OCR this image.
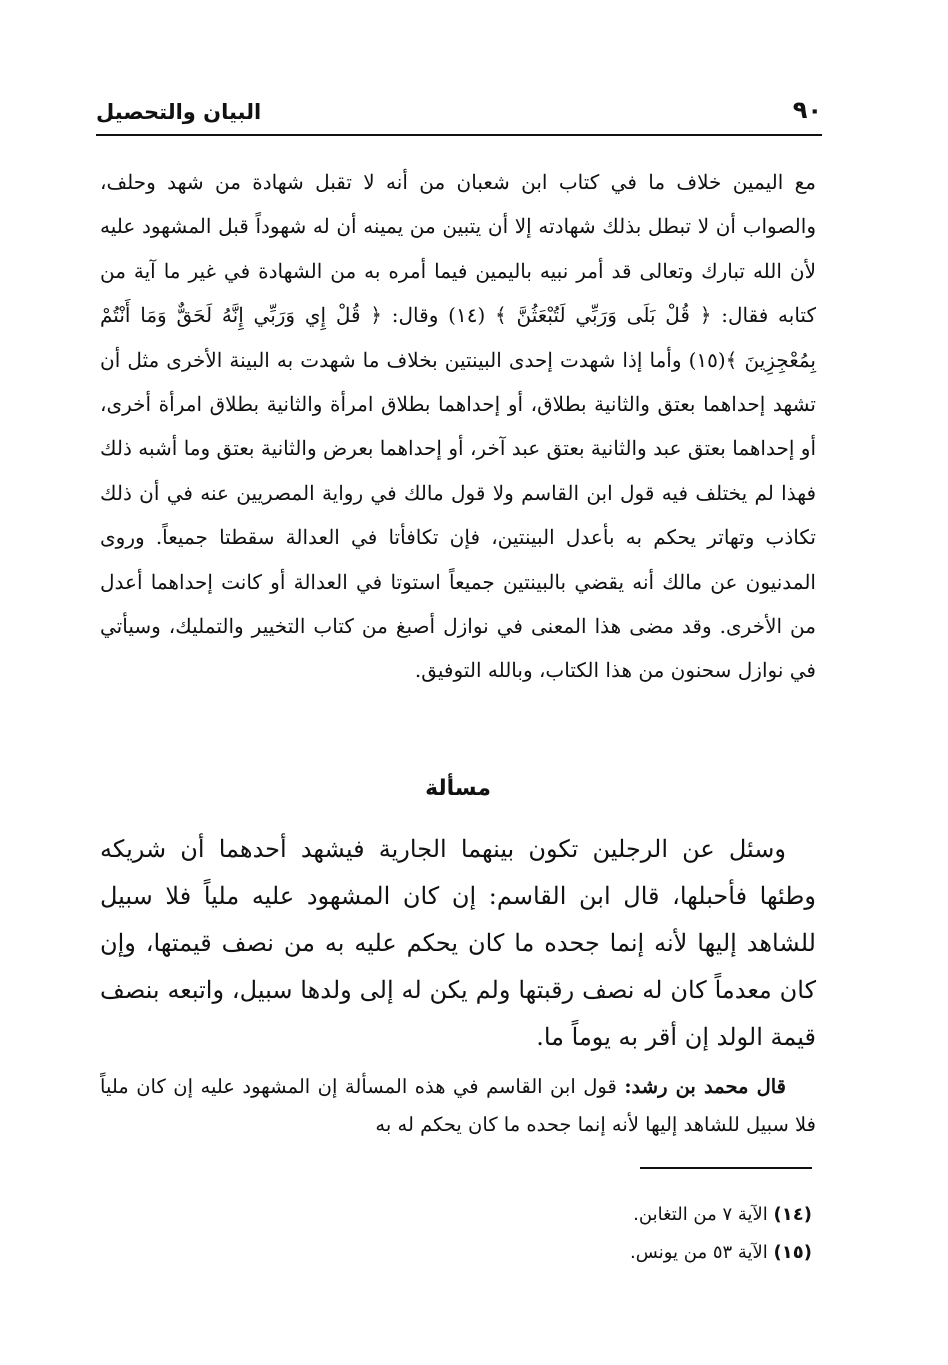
٩٠
البيان والتحصيل

مع اليمين خلاف ما في كتاب ابن شعبان من أنه لا تقبل شهادة من شهد وحلف، والصواب أن لا تبطل بذلك شهادته إلا أن يتبين من يمينه أن له شهوداً قبل المشهود عليه لأن الله تبارك وتعالى قد أمر نبيه باليمين فيما أمره به من الشهادة في غير ما آية من كتابه فقال: ﴿ قُلْ بَلَى وَرَبِّي لَتُبْعَثُنَّ ﴾ (١٤) وقال: ﴿ قُلْ إِي وَرَبِّي إِنَّهُ لَحَقٌّ وَمَا أَنْتُمْ بِمُعْجِزِينَ ﴾(١٥) وأما إذا شهدت إحدى البينتين بخلاف ما شهدت به البينة الأخرى مثل أن تشهد إحداهما بعتق والثانية بطلاق، أو إحداهما بطلاق امرأة والثانية بطلاق امرأة أخرى، أو إحداهما بعتق عبد والثانية بعتق عبد آخر، أو إحداهما بعرض والثانية بعتق وما أشبه ذلك فهذا لم يختلف فيه قول ابن القاسم ولا قول مالك في رواية المصريين عنه في أن ذلك تكاذب وتهاتر يحكم به بأعدل البينتين، فإن تكافأتا في العدالة سقطتا جميعاً. وروى المدنيون عن مالك أنه يقضي بالبينتين جميعاً استوتا في العدالة أو كانت إحداهما أعدل من الأخرى. وقد مضى هذا المعنى في نوازل أصبغ من كتاب التخيير والتمليك، وسيأتي في نوازل سحنون من هذا الكتاب، وبالله التوفيق.

مسألة

وسئل عن الرجلين تكون بينهما الجارية فيشهد أحدهما أن شريكه وطئها فأحبلها، قال ابن القاسم: إن كان المشهود عليه ملياً فلا سبيل للشاهد إليها لأنه إنما جحده ما كان يحكم عليه به من نصف قيمتها، وإن كان معدماً كان له نصف رقبتها ولم يكن له إلى ولدها سبيل، واتبعه بنصف قيمة الولد إن أقر به يوماً ما.

قال محمد بن رشد: قول ابن القاسم في هذه المسألة إن المشهود عليه إن كان ملياً فلا سبيل للشاهد إليها لأنه إنما جحده ما كان يحكم له به

(١٤) الآية ٧ من التغابن.
(١٥) الآية ٥٣ من يونس.
